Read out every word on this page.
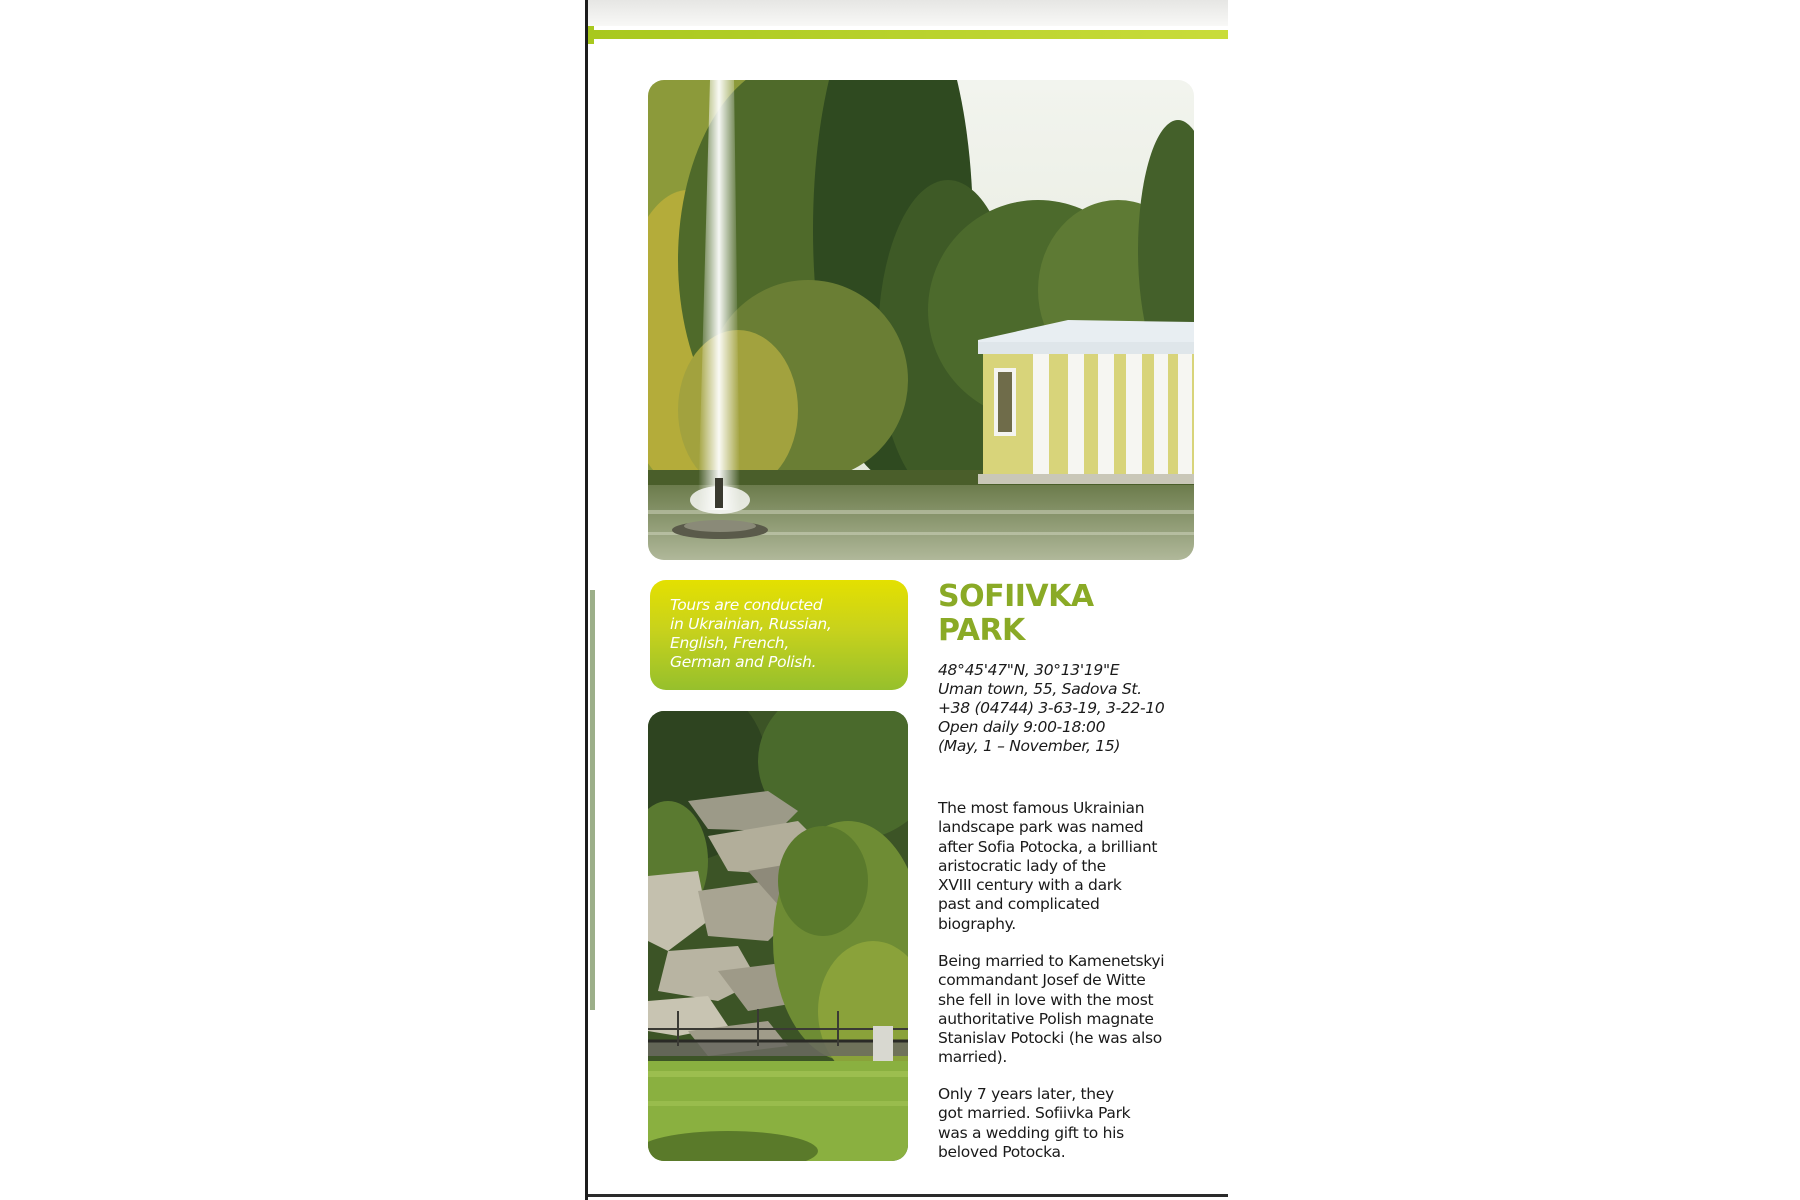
Tours are conducted
in Ukrainian, Russian,
English, French,
German and Polish.
SOFIIVKA
PARK
48°45'47"N, 30°13'19"E
Uman town, 55, Sadova St.
+38 (04744) 3-63-19, 3-22-10
Open daily 9:00-18:00
(May, 1 – November, 15)
The most famous Ukrainian
landscape park was named
after Sofia Potocka, a brilliant
aristocratic lady of the
XVIII century with a dark
past and complicated
biography.
Being married to Kamenetskyi
commandant Josef de Witte
she fell in love with the most
authoritative Polish magnate
Stanislav Potocki (he was also
married).
Only 7 years later, they
got married. Sofiivka Park
was a wedding gift to his
beloved Potocka.
